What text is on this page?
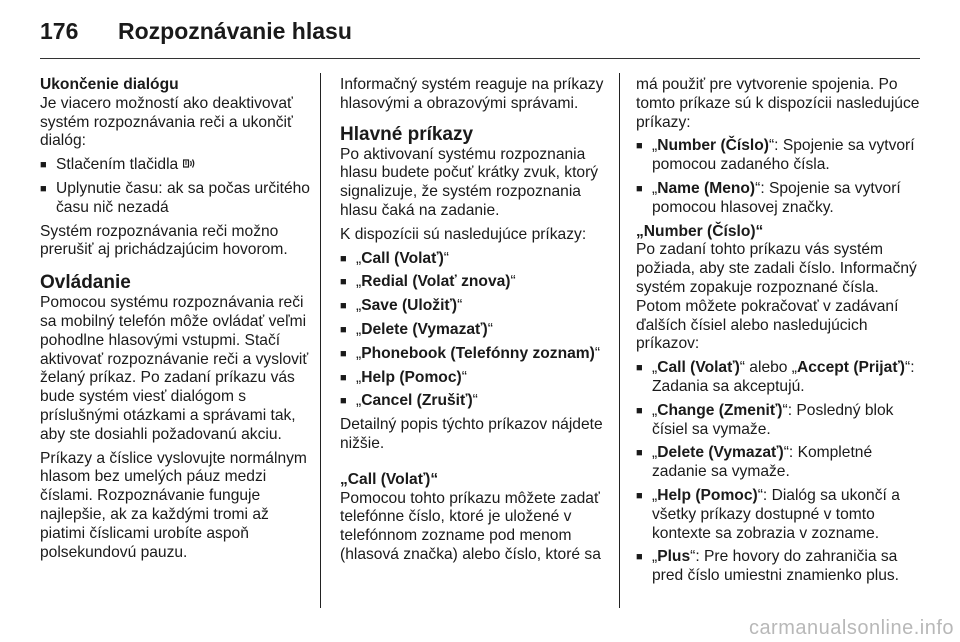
176 Rozpoznávanie hlasu

Ukončenie dialógu

Je viacero možností ako deaktivovať systém rozpoznávania reči a ukončiť dialóg:

■ Stlačením tlačidla
■ Uplynutie času: ak sa počas určitého času nič nezadá

Systém rozpoznávania reči možno prerušiť aj prichádzajúcim hovorom.

Ovládanie

Pomocou systému rozpoznávania reči sa mobilný telefón môže ovládať veľmi pohodlne hlasovými vstupmi. Stačí aktivovať rozpoznávanie reči a vysloviť želaný príkaz. Po zadaní príkazu vás bude systém viesť dialógom s príslušnými otázkami a správami tak, aby ste dosiahli požadovanú akciu.

Príkazy a číslice vyslovujte normálnym hlasom bez umelých páuz medzi číslami. Rozpoznávanie funguje najlepšie, ak za každými tromi až piatimi číslicami urobíte aspoň polsekundovú pauzu.

Informačný systém reaguje na príkazy hlasovými a obrazovými správami.

Hlavné príkazy

Po aktivovaní systému rozpoznania hlasu budete počuť krátky zvuk, ktorý signalizuje, že systém rozpoznania hlasu čaká na zadanie.

K dispozícii sú nasledujúce príkazy:

■ „Call (Volať)“
■ „Redial (Volať znova)“
■ „Save (Uložiť)“
■ „Delete (Vymazať)“
■ „Phonebook (Telefónny zoznam)“
■ „Help (Pomoc)“
■ „Cancel (Zrušiť)“

Detailný popis týchto príkazov nájdete nižšie.

„Call (Volať)“

Pomocou tohto príkazu môžete zadať telefónne číslo, ktoré je uložené v telefónnom zozname pod menom (hlasová značka) alebo číslo, ktoré sa

má použiť pre vytvorenie spojenia. Po tomto príkaze sú k dispozícii nasledujúce príkazy:

■ „Number (Číslo)“: Spojenie sa vytvorí pomocou zadaného čísla.
■ „Name (Meno)“: Spojenie sa vytvorí pomocou hlasovej značky.

„Number (Číslo)“

Po zadaní tohto príkazu vás systém požiada, aby ste zadali číslo. Informačný systém zopakuje rozpoznané čísla. Potom môžete pokračovať v zadávaní ďalších čísiel alebo nasledujúcich príkazov:

■ „Call (Volať)“ alebo „Accept (Prijať)“: Zadania sa akceptujú.
■ „Change (Zmeniť)“: Posledný blok čísiel sa vymaže.
■ „Delete (Vymazať)“: Kompletné zadanie sa vymaže.
■ „Help (Pomoc)“: Dialóg sa ukončí a všetky príkazy dostupné v tomto kontexte sa zobrazia v zozname.
■ „Plus“: Pre hovory do zahraničia sa pred číslo umiestni znamienko plus.
carmanualsonline.info
